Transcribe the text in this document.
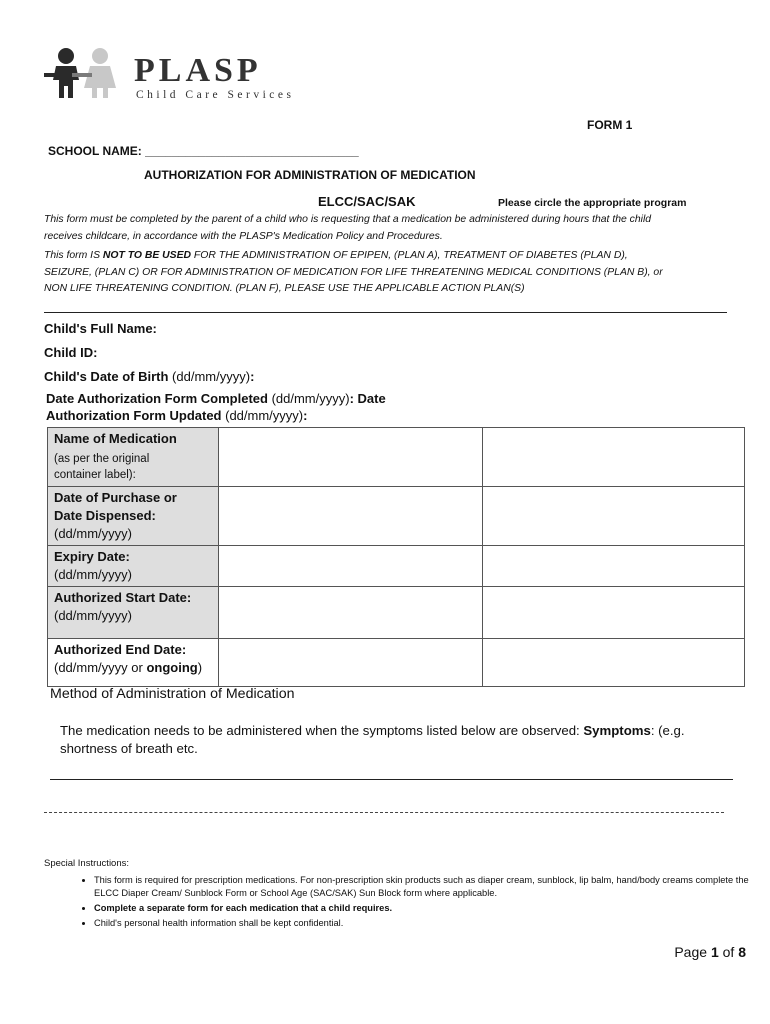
PLASP
Child Care Services
FORM 1
SCHOOL NAME: ________________________________
AUTHORIZATION FOR ADMINISTRATION OF MEDICATION
ELCC/SAC/SAK	Please circle the appropriate program
This form must be completed by the parent of a child who is requesting that a medication be administered during hours that the child
receives childcare, in accordance with the PLASP's Medication Policy and Procedures.
This form IS NOT TO BE USED FOR THE ADMINISTRATION OF EPIPEN, (PLAN A), TREATMENT OF DIABETES (PLAN D),
SEIZURE, (PLAN C) OR FOR ADMINISTRATION OF MEDICATION FOR LIFE THREATENING MEDICAL CONDITIONS (PLAN B), or
NON LIFE THREATENING CONDITION. (PLAN F), PLEASE USE THE APPLICABLE ACTION PLAN(S)
Child's Full Name:
Child ID:
Child's Date of Birth (dd/mm/yyyy):
Date Authorization Form Completed (dd/mm/yyyy): Date
Authorization Form Updated (dd/mm/yyyy):
Name of Medication
(as per the original
container label):		

Date of Purchase or
Date Dispensed:
(dd/mm/yyyy)		

Expiry Date:
(dd/mm/yyyy)		

Authorized Start Date:
(dd/mm/yyyy)		

Authorized End Date:
(dd/mm/yyyy or ongoing)		

Method of Administration of Medication
The medication needs to be administered when the symptoms listed below are observed: Symptoms: (e.g.
shortness of breath etc.
Special Instructions:
• This form is required for prescription medications. For non-prescription skin products such as diaper cream, sunblock, lip balm, hand/body creams complete the ELCC Diaper Cream/ Sunblock Form or School Age (SAC/SAK) Sun Block form where applicable.
• Complete a separate form for each medication that a child requires.
• Child's personal health information shall be kept confidential.
Page 1 of 8
